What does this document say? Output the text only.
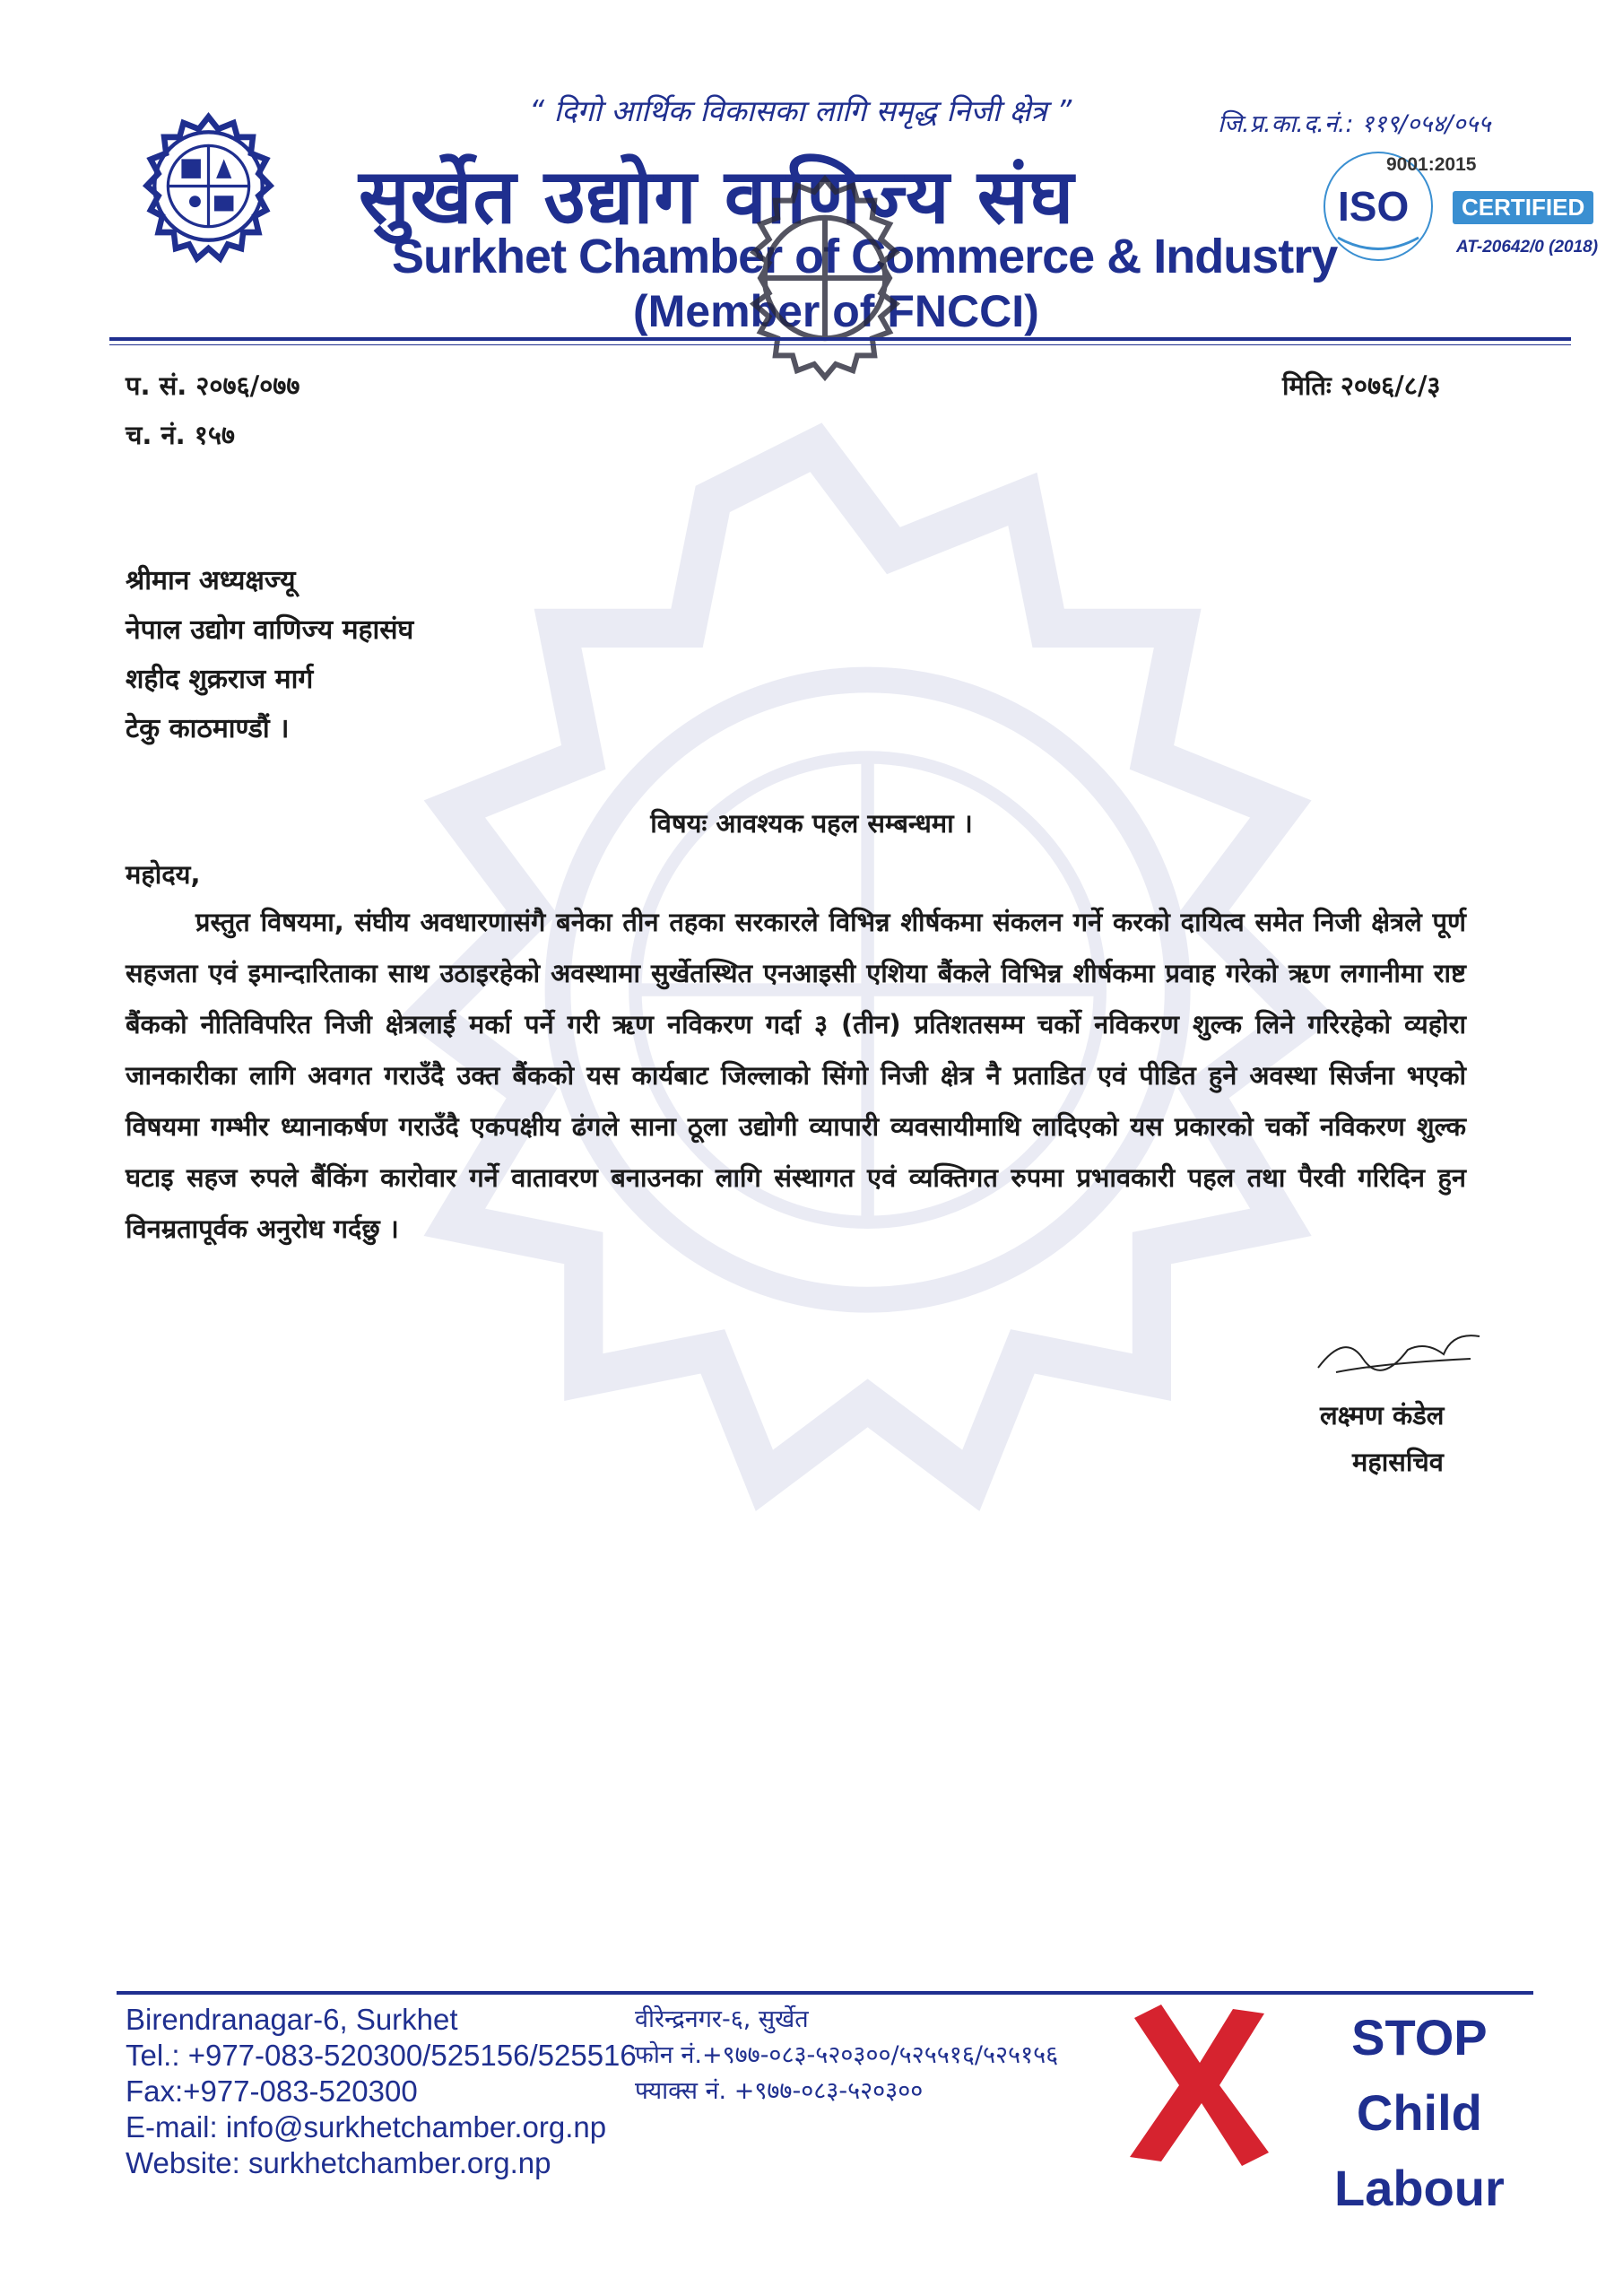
“ दिगो आर्थिक विकासका लागि समृद्ध निजी क्षेत्र ”	जि.प्र.का.द.नं.: ११९/०५४/०५५
सुर्खेत उद्योग वाणिज्य संघ
Surkhet Chamber of Commerce & Industry
(Member of FNCCI)
ISO
9001:2015
CERTIFIED
AT-20642/0 (2018)
प. सं. २०७६/०७७
च. नं. १५७
मितिः २०७६/८/३
श्रीमान अध्यक्षज्यू
नेपाल उद्योग वाणिज्य महासंघ
शहीद शुक्रराज मार्ग
टेकु काठमाण्डौं ।
विषयः आवश्यक पहल सम्बन्धमा ।
महोदय,
प्रस्तुत विषयमा, संघीय अवधारणासंगै बनेका तीन तहका सरकारले विभिन्न शीर्षकमा संकलन गर्ने करको दायित्व समेत निजी क्षेत्रले पूर्ण सहजता एवं इमान्दारिताका साथ उठाइरहेको अवस्थामा सुर्खेतस्थित एनआइसी एशिया बैंकले विभिन्न शीर्षकमा प्रवाह गरेको ऋण लगानीमा राष्ट बैंकको नीतिविपरित निजी क्षेत्रलाई मर्का पर्ने गरी ऋण नविकरण गर्दा ३ (तीन) प्रतिशतसम्म चर्को नविकरण शुल्क लिने गरिरहेको व्यहोरा जानकारीका लागि अवगत गराउँदै उक्त बैंकको यस कार्यबाट जिल्लाको सिंगो निजी क्षेत्र नै प्रताडित एवं पीडित हुने अवस्था सिर्जना भएको विषयमा गम्भीर ध्यानाकर्षण गराउँदै एकपक्षीय ढंगले साना ठूला उद्योगी व्यापारी व्यवसायीमाथि लादिएको यस प्रकारको चर्को नविकरण शुल्क घटाइ सहज रुपले बैंकिंग कारोवार गर्ने वातावरण बनाउनका लागि संस्थागत एवं व्यक्तिगत रुपमा प्रभावकारी पहल तथा पैरवी गरिदिन हुन विनम्रतापूर्वक अनुरोध गर्दछु ।
लक्ष्मण कंडेल
महासचिव
Birendranagar-6, Surkhet
Tel.: +977-083-520300/525156/525516
Fax:+977-083-520300
E-mail: info@surkhetchamber.org.np
Website: surkhetchamber.org.np
वीरेन्द्रनगर-६, सुर्खेत
फोन नं.+९७७-०८३-५२०३००/५२५५१६/५२५१५६
फ्याक्स नं. +९७७-०८३-५२०३००
STOP
Child
Labour
